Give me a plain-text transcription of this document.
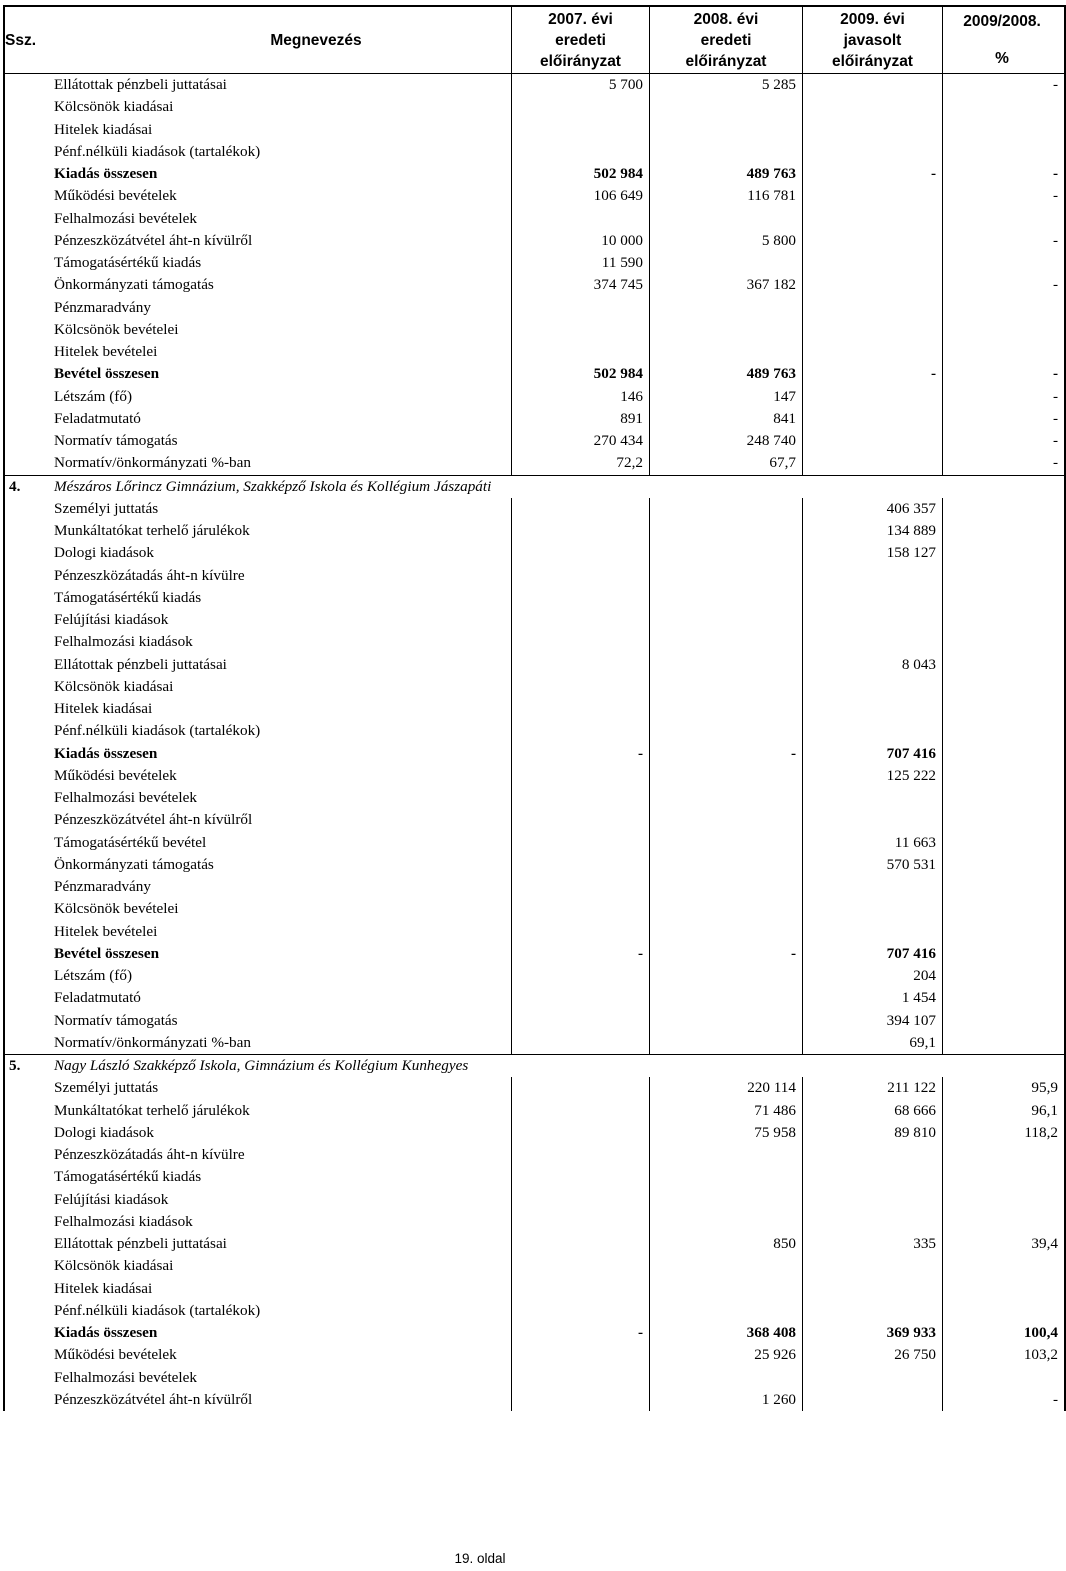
Ssz.	Megnevezés	2007. évi
eredeti
előirányzat	2008. évi
eredeti
előirányzat	2009. évi
javasolt
előirányzat	2009/2008.
%

	Ellátottak pénzbeli juttatásai	5 700	5 285		-
	Kölcsönök kiadásai				
	Hitelek kiadásai				
	Pénf.nélküli kiadások (tartalékok)				
	Kiadás összesen	502 984	489 763	-	-
	Működési bevételek	106 649	116 781		-
	Felhalmozási bevételek				
	Pénzeszközátvétel áht-n kívülről	10 000	5 800		-
	Támogatásértékű kiadás	11 590			
	Önkormányzati támogatás	374 745	367 182		-
	Pénzmaradvány				
	Kölcsönök bevételei				
	Hitelek bevételei				
	Bevétel összesen	502 984	489 763	-	-
	Létszám (fő)	146	147		-
	Feladatmutató	891	841		-
	Normatív támogatás	270 434	248 740		-
	Normatív/önkormányzati %-ban	72,2	67,7		-
4.	Mészáros Lőrincz Gimnázium, Szakképző Iskola és Kollégium Jászapáti				
	Személyi juttatás			406 357	
	Munkáltatókat terhelő járulékok			134 889	
	Dologi kiadások			158 127	
	Pénzeszközátadás áht-n kívülre				
	Támogatásértékű kiadás				
	Felújítási kiadások				
	Felhalmozási kiadások				
	Ellátottak pénzbeli juttatásai			8 043	
	Kölcsönök kiadásai				
	Hitelek kiadásai				
	Pénf.nélküli kiadások (tartalékok)				
	Kiadás összesen	-	-	707 416	
	Működési bevételek			125 222	
	Felhalmozási bevételek				
	Pénzeszközátvétel áht-n kívülről				
	Támogatásértékű bevétel			11 663	
	Önkormányzati támogatás			570 531	
	Pénzmaradvány				
	Kölcsönök bevételei				
	Hitelek bevételei				
	Bevétel összesen	-	-	707 416	
	Létszám (fő)			204	
	Feladatmutató			1 454	
	Normatív támogatás			394 107	
	Normatív/önkormányzati %-ban			69,1	
5.	Nagy László Szakképző Iskola, Gimnázium és Kollégium Kunhegyes				
	Személyi juttatás		220 114	211 122	95,9
	Munkáltatókat terhelő járulékok		71 486	68 666	96,1
	Dologi kiadások		75 958	89 810	118,2
	Pénzeszközátadás áht-n kívülre				
	Támogatásértékű kiadás				
	Felújítási kiadások				
	Felhalmozási kiadások				
	Ellátottak pénzbeli juttatásai		850	335	39,4
	Kölcsönök kiadásai				
	Hitelek kiadásai				
	Pénf.nélküli kiadások (tartalékok)				
	Kiadás összesen	-	368 408	369 933	100,4
	Működési bevételek		25 926	26 750	103,2
	Felhalmozási bevételek				
	Pénzeszközátvétel áht-n kívülről		1 260		-
19. oldal
